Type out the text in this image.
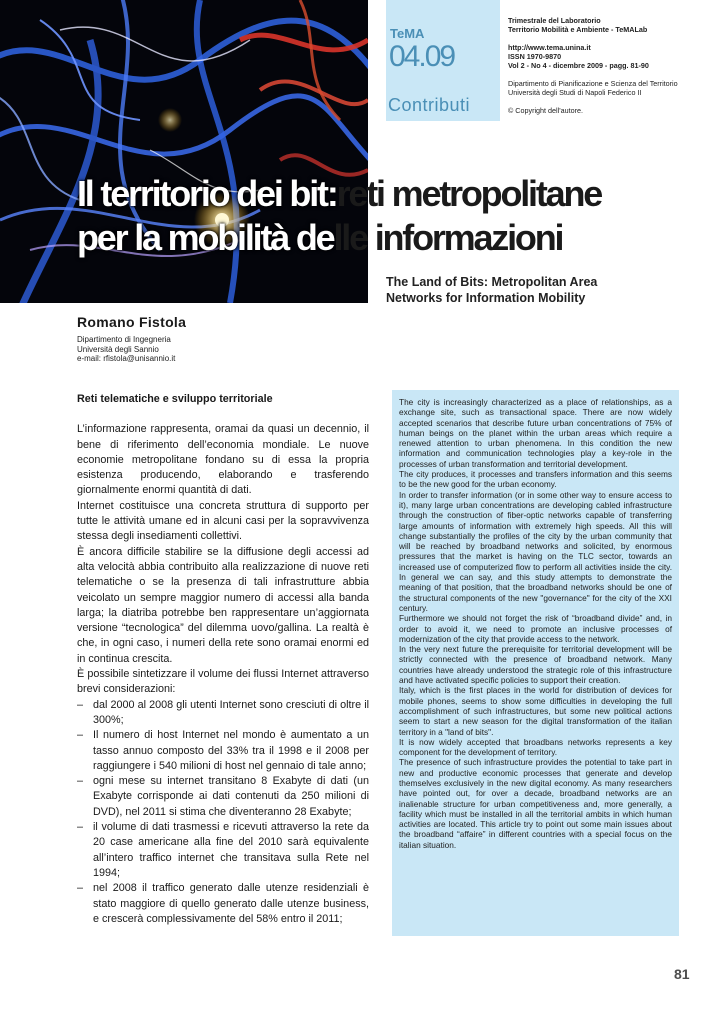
TeMA
04.09
Contributi
Trimestrale del Laboratorio
Territorio Mobilità e Ambiente - TeMALab
http://www.tema.unina.it
ISSN 1970-9870
Vol 2 - No 4 - dicembre 2009 - pagg. 81-90
Dipartimento di Pianificazione e Scienza del Territorio
Università degli Studi di Napoli Federico II
© Copyright dell'autore.
Il territorio dei bit:reti metropolitane
per la mobilità delle informazioni
The Land of Bits: Metropolitan Area
Networks for Information Mobility
Romano Fistola
Dipartimento di Ingegneria
Università degli Sannio
e-mail: rfistola@unisannio.it
Reti telematiche e sviluppo territoriale

L’informazione rappresenta, oramai da quasi un decennio, il bene di riferimento dell’economia mondiale. Le nuove economie metropolitane fondano su di essa la propria esistenza producendo, elaborando e trasferendo giornalmente enormi quantità di dati.

Internet costituisce una concreta struttura di supporto per tutte le attività umane ed in alcuni casi per la sopravvivenza stessa degli insediamenti collettivi.

È ancora difficile stabilire se la diffusione degli accessi ad alta velocità abbia contribuito alla realizzazione di nuove reti telematiche o se la presenza di tali infrastrutture abbia veicolato un sempre maggior numero di accessi alla banda larga; la diatriba potrebbe ben rappresentare un’aggiornata versione “tecnologica” del dilemma uovo/gallina. La realtà è che, in ogni caso, i numeri della rete sono oramai enormi ed in continua crescita.

È possibile sintetizzare il volume dei flussi Internet attraverso brevi considerazioni:

– dal 2000 al 2008 gli utenti Internet sono cresciuti di oltre il 300%;
– Il numero di host Internet nel mondo è aumentato a un tasso annuo composto del 33% tra il 1998 e il 2008 per raggiungere i 540 milioni di host nel gennaio di tale anno;
– ogni mese su internet transitano 8 Exabyte di dati (un Exabyte corrisponde ai dati contenuti da 250 milioni di DVD), nel 2011 si stima che diventeranno 28 Exabyte;
– il volume di dati trasmessi e ricevuti attraverso la rete da 20 case americane alla fine del 2010 sarà equivalente all’intero traffico internet che transitava sulla Rete nel 1994;
– nel 2008 il traffico generato dalle utenze residenziali è stato maggiore di quello generato dalle utenze business, e crescerà complessivamente del 58% entro il 2011;

The city is increasingly characterized as a place of relationships, as a exchange site, such as transactional space. There are now widely accepted scenarios that describe future urban concentrations of 75% of human beings on the planet within the urban areas which require a renewed attention to urban phenomena. In this condition the new information and communication technologies play a key-role in the processes of urban transformation and territorial development.

The city produces, it processes and transfers information and this seems to be the new good for the urban economy.

In order to transfer information (or in some other way to ensure access to it), many large urban concentrations are developing cabled infrastructure through the construction of fiber-optic networks capable of transferring large amounts of information with extremely high speeds. All this will change substantially the profiles of the city by the urban community that will be reached by broadband networks and solicited, by enormous pressures that the market is having on the TLC sector, towards an increased use of computerized flow to perform all activities inside the city. In general we can say, and this study attempts to demonstrate the meaning of that position, that the broadband networks should be one of the structural components of the new "governance" for the city of the XXI century.

Furthermore we should not forget the risk of “broadband divide” and, in order to avoid it, we need to promote an inclusive processes of modernization of the city that provide access to the network.

In the very next future the prerequisite for territorial development will be strictly connected with the presence of broadband network. Many countries have already understood the strategic role of this infrastructure and have activated specific policies to support their creation.

Italy, which is the first places in the world for distribution of devices for mobile phones, seems to show some difficulties in developing the full accomplishment of such infrastructures, but some new political actions seem to start a new season for the digital transformation of the italian territory in a "land of bits".

It is now widely accepted that broadbans networks represents a key component for the development of territory.

The presence of such infrastructure provides the potential to take part in new and productive economic processes that generate and develop themselves exclusively in the new digital economy. As many researchers have pointed out, for over a decade, broadband networks are an inalienable structure for urban competitiveness and, more generally, a facility which must be installed in all the territorial ambits in which human activities are located. This article try to point out some main issues about the broadband “affaire” in different countries with a special focus on the italian situation.

81
